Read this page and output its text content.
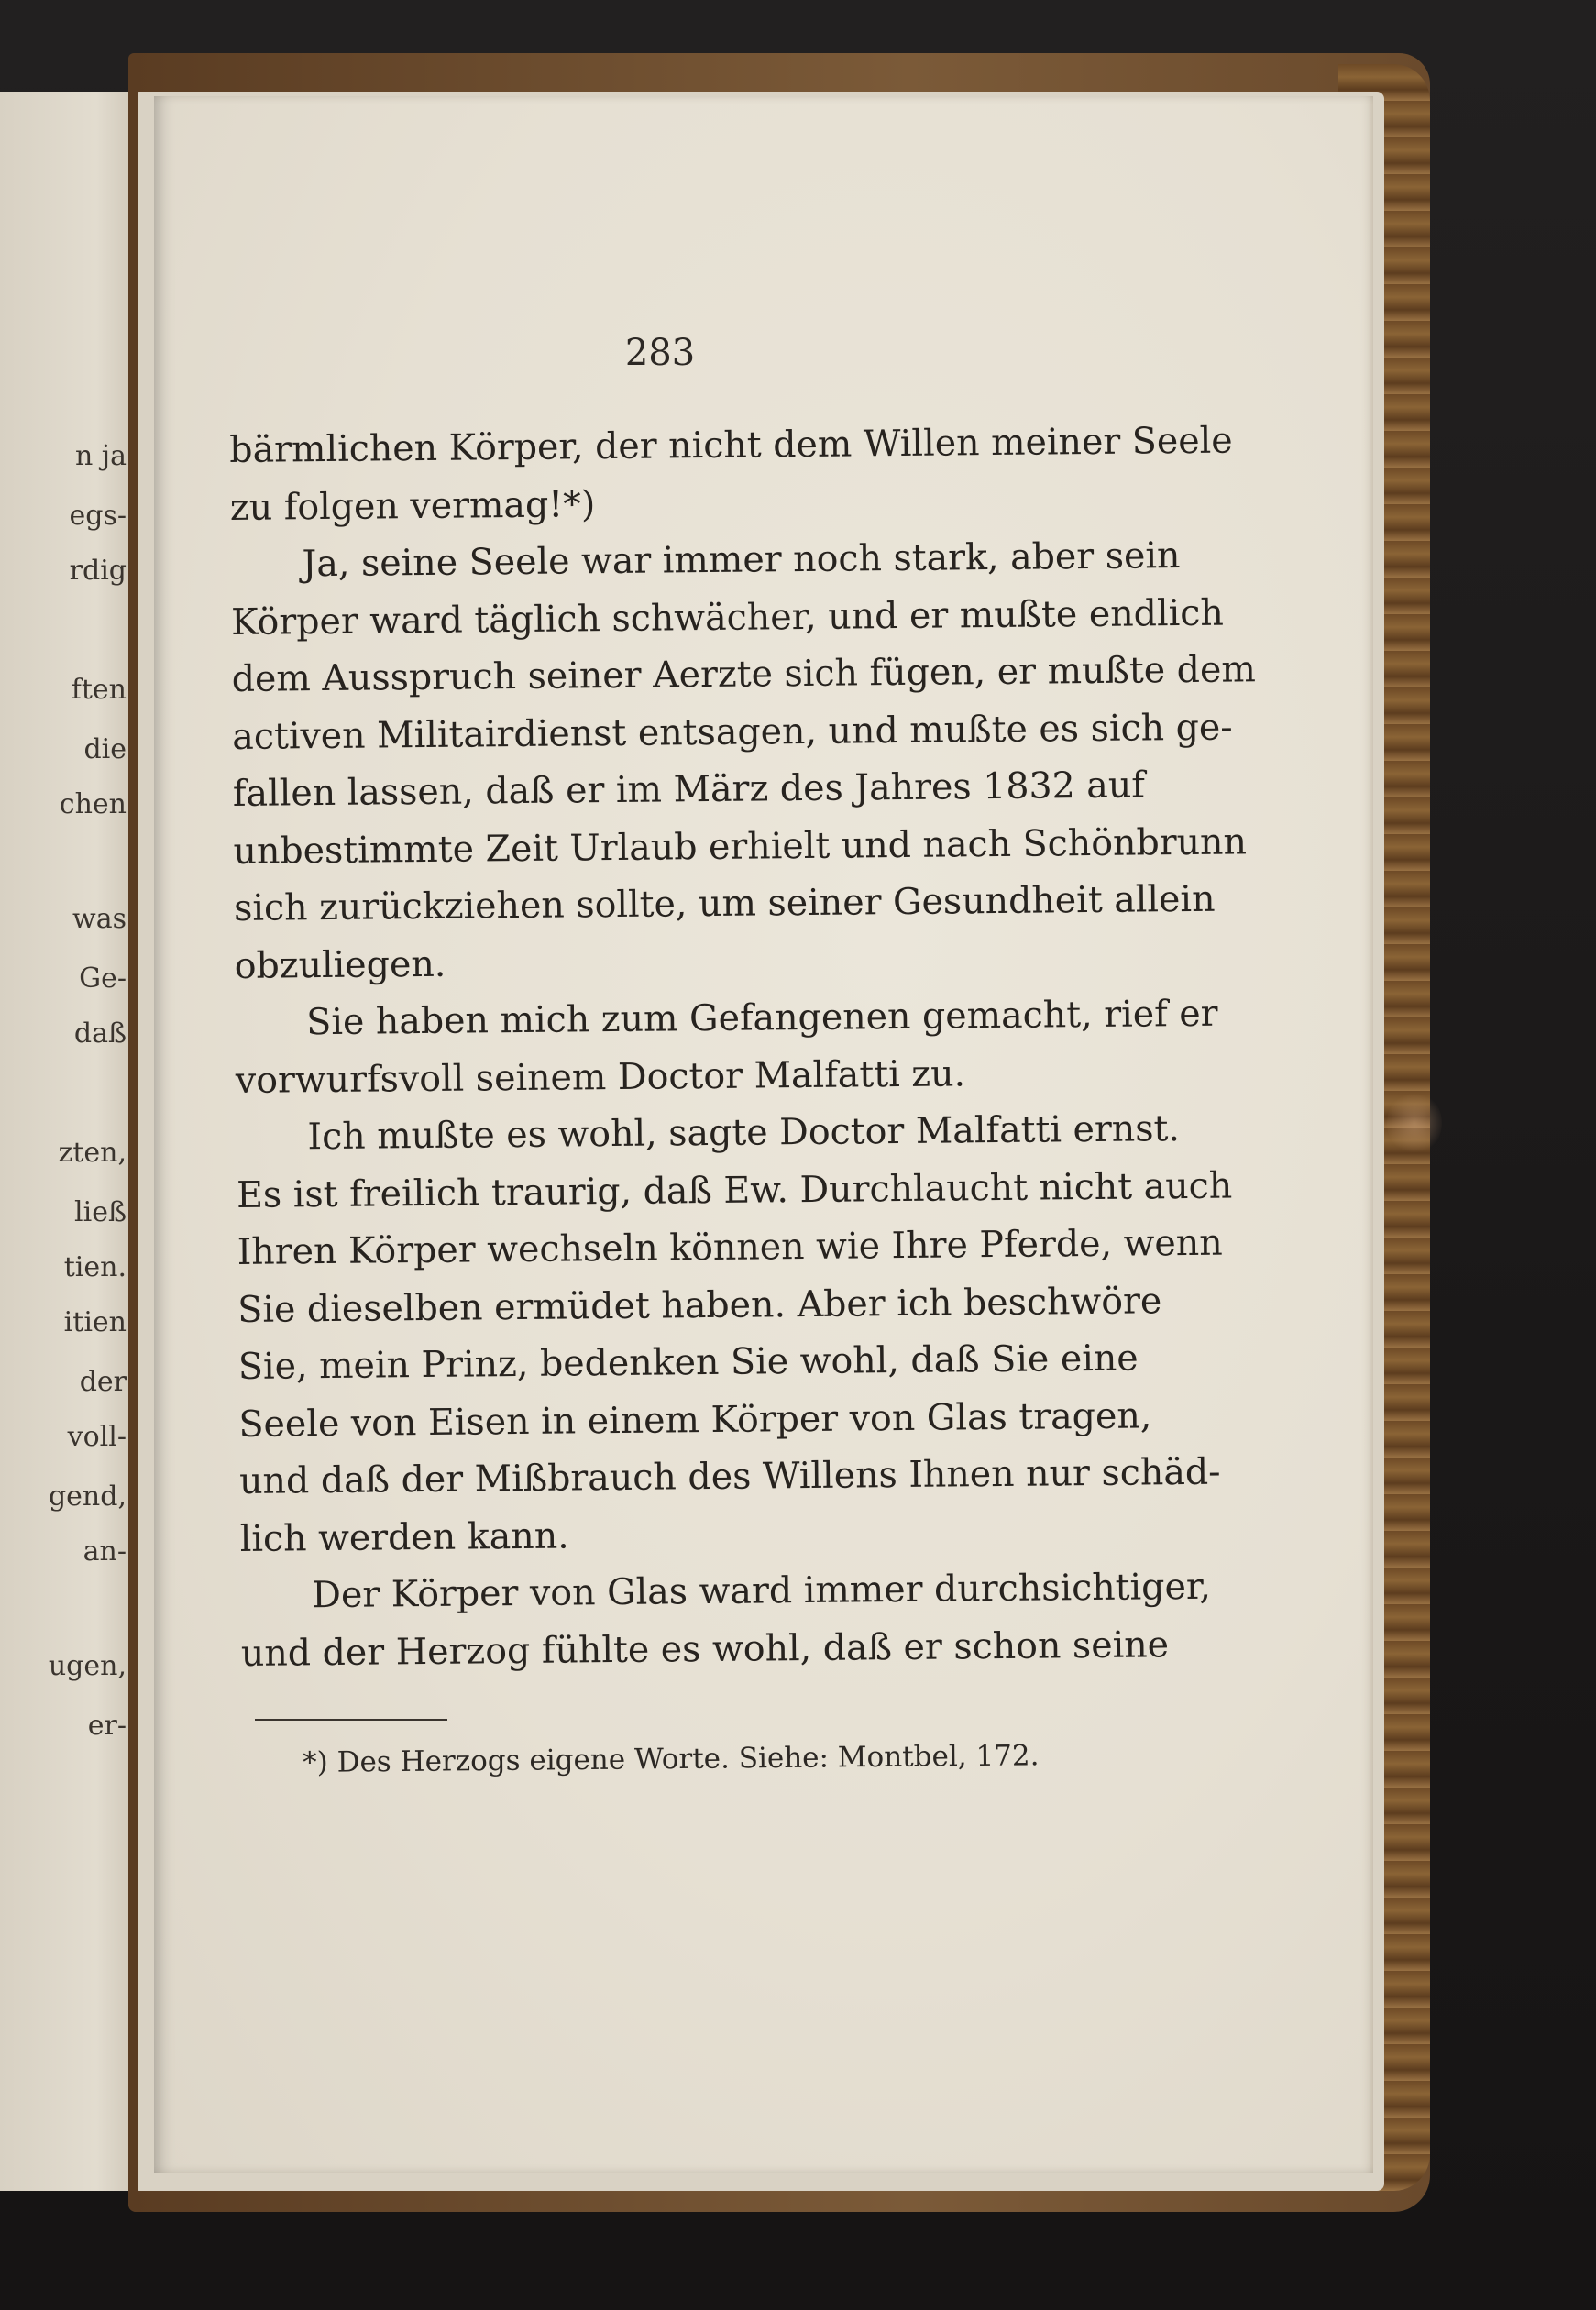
n ja
egs-
rdig
ften
die
chen
was
Ge-
daß
zten,
ließ
tien.
itien
der
voll-
gend,
an-
ugen,
er-
283
bärmlichen Körper, der nicht dem Willen meiner Seele
zu folgen vermag!*)
Ja, seine Seele war immer noch stark, aber sein
Körper ward täglich schwächer, und er mußte endlich
dem Ausspruch seiner Aerzte sich fügen, er mußte dem
activen Militairdienst entsagen, und mußte es sich ge-
fallen lassen, daß er im März des Jahres 1832 auf
unbestimmte Zeit Urlaub erhielt und nach Schönbrunn
sich zurückziehen sollte, um seiner Gesundheit allein
obzuliegen.
Sie haben mich zum Gefangenen gemacht, rief er
vorwurfsvoll seinem Doctor Malfatti zu.
Ich mußte es wohl, sagte Doctor Malfatti ernst.
Es ist freilich traurig, daß Ew. Durchlaucht nicht auch
Ihren Körper wechseln können wie Ihre Pferde, wenn
Sie dieselben ermüdet haben. Aber ich beschwöre
Sie, mein Prinz, bedenken Sie wohl, daß Sie eine
Seele von Eisen in einem Körper von Glas tragen,
und daß der Mißbrauch des Willens Ihnen nur schäd-
lich werden kann.
Der Körper von Glas ward immer durchsichtiger,
und der Herzog fühlte es wohl, daß er schon seine
*) Des Herzogs eigene Worte. Siehe: Montbel, 172.
